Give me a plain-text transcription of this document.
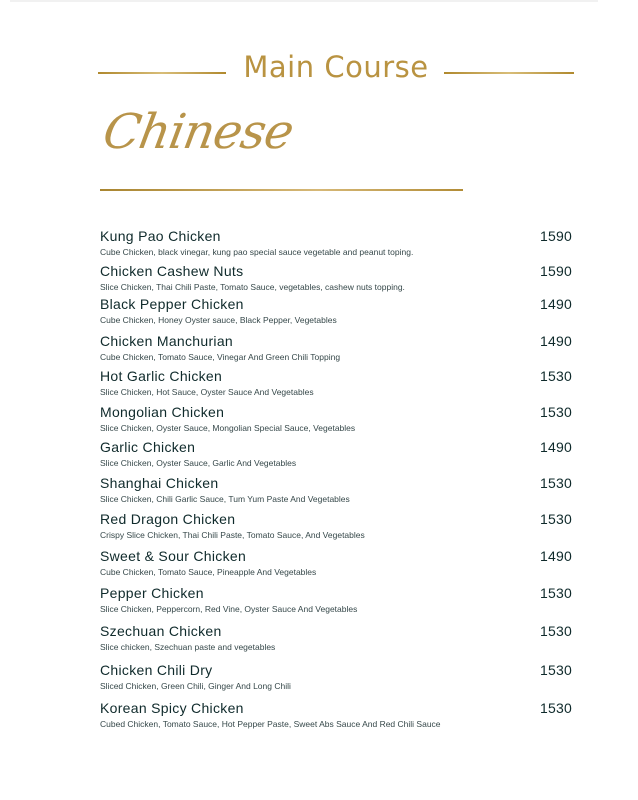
Main Course
Chinese
Kung Pao Chicken
Cube Chicken, black vinegar, kung pao special sauce vegetable and peanut toping.
1590
Chicken Cashew Nuts
Slice Chicken, Thai Chili Paste, Tomato Sauce, vegetables, cashew nuts topping.
1590
Black Pepper Chicken
Cube Chicken, Honey Oyster sauce, Black Pepper, Vegetables
1490
Chicken Manchurian
Cube Chicken, Tomato Sauce, Vinegar And Green Chili Topping
1490
Hot Garlic Chicken
Slice Chicken, Hot Sauce, Oyster Sauce And Vegetables
1530
Mongolian Chicken
Slice Chicken, Oyster Sauce, Mongolian Special Sauce, Vegetables
1530
Garlic Chicken
Slice Chicken, Oyster Sauce, Garlic And Vegetables
1490
Shanghai Chicken
Slice Chicken, Chili Garlic Sauce, Tum Yum Paste And Vegetables
1530
Red Dragon Chicken
Crispy Slice Chicken, Thai Chili Paste, Tomato Sauce, And Vegetables
1530
Sweet & Sour Chicken
Cube Chicken, Tomato Sauce, Pineapple And Vegetables
1490
Pepper Chicken
Slice Chicken, Peppercorn, Red Vine, Oyster Sauce And Vegetables
1530
Szechuan Chicken
Slice chicken, Szechuan paste and vegetables
1530
Chicken Chili Dry
Sliced Chicken, Green Chili, Ginger And Long Chili
1530
Korean Spicy Chicken
Cubed Chicken, Tomato Sauce, Hot Pepper Paste, Sweet Abs Sauce And Red Chili Sauce
1530
